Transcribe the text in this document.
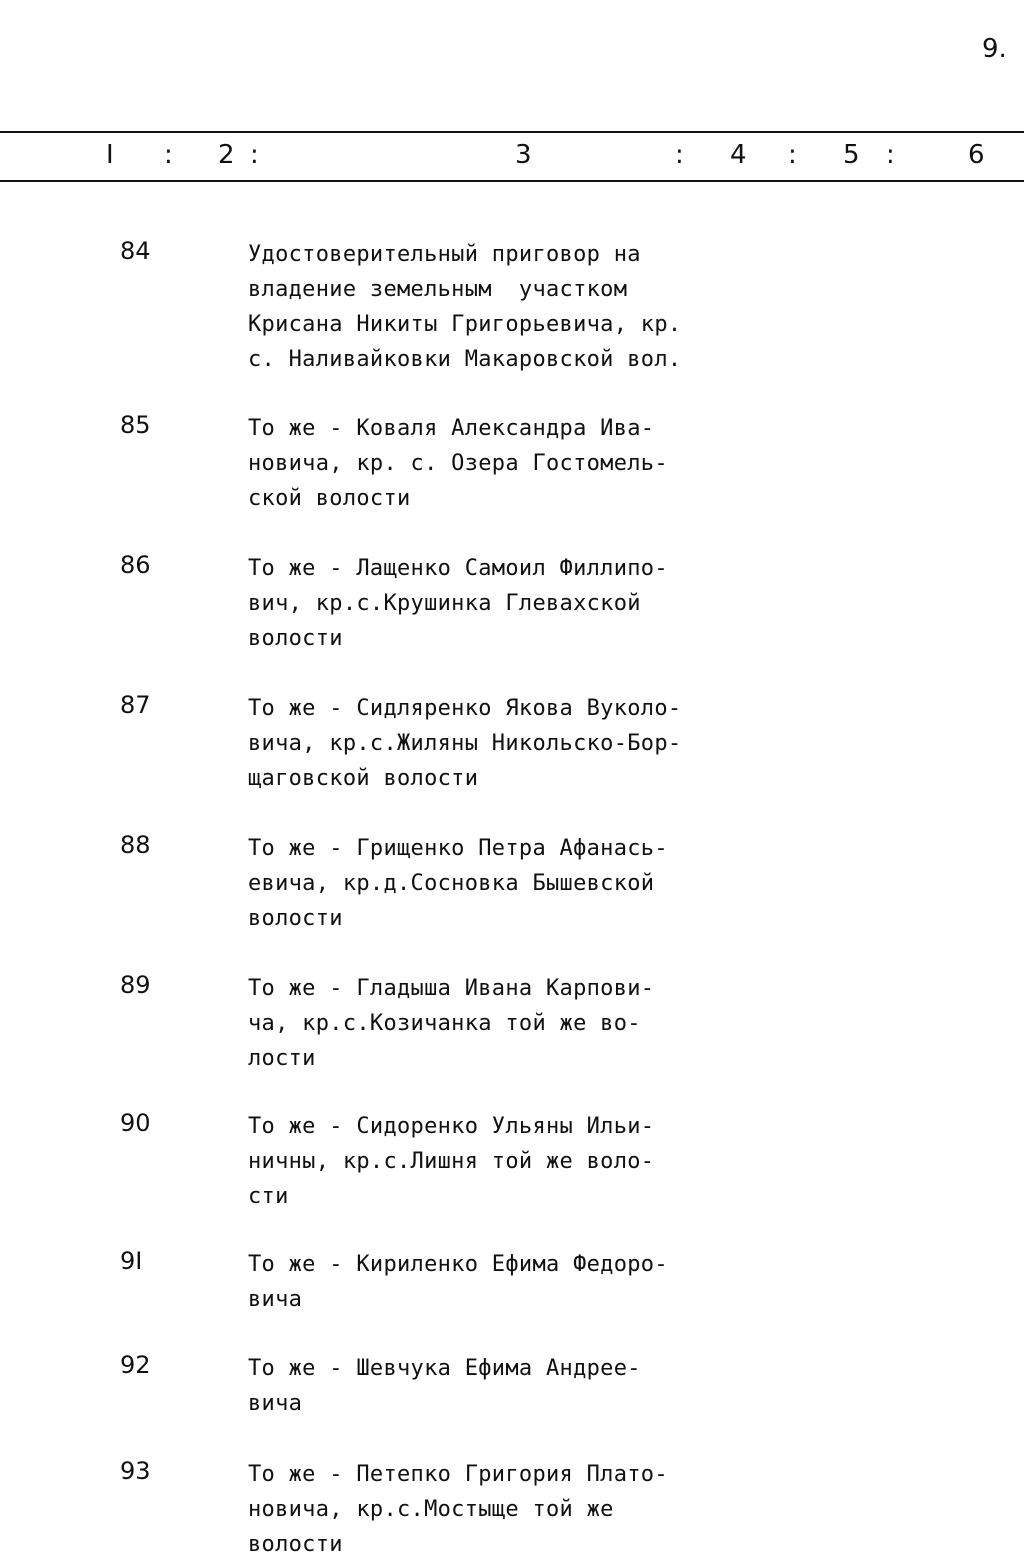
9.
I : 2 :	3	: 4 : 5 :	6
84	Удостоверительный приговор на
владение земельным  участком
Крисана Никиты Григорьевича, кр.
с. Наливайковки Макаровской вол.
85	То же - Коваля Александра Ива-
новича, кр. с. Озера Гостомель-
ской волости
86	То же - Лащенко Самоил Филлипо-
вич, кр.с.Крушинка Глевахской
волости
87	То же - Сидляренко Якова Вуколо-
вича, кр.с.Жиляны Никольско-Бор-
щаговской волости
88	То же - Грищенко Петра Афанась-
евича, кр.д.Сосновка Бышевской
волости
89	То же - Гладыша Ивана Карпови-
ча, кр.с.Козичанка той же во-
лости
90	То же - Сидоренко Ульяны Ильи-
ничны, кр.с.Лишня той же воло-
сти
9I	То же - Кириленко Ефима Федоро-
вича
92	То же - Шевчука Ефима Андрее-
вича
93	То же - Петепко Григория Плато-
новича, кр.с.Мостыще той же
волости
